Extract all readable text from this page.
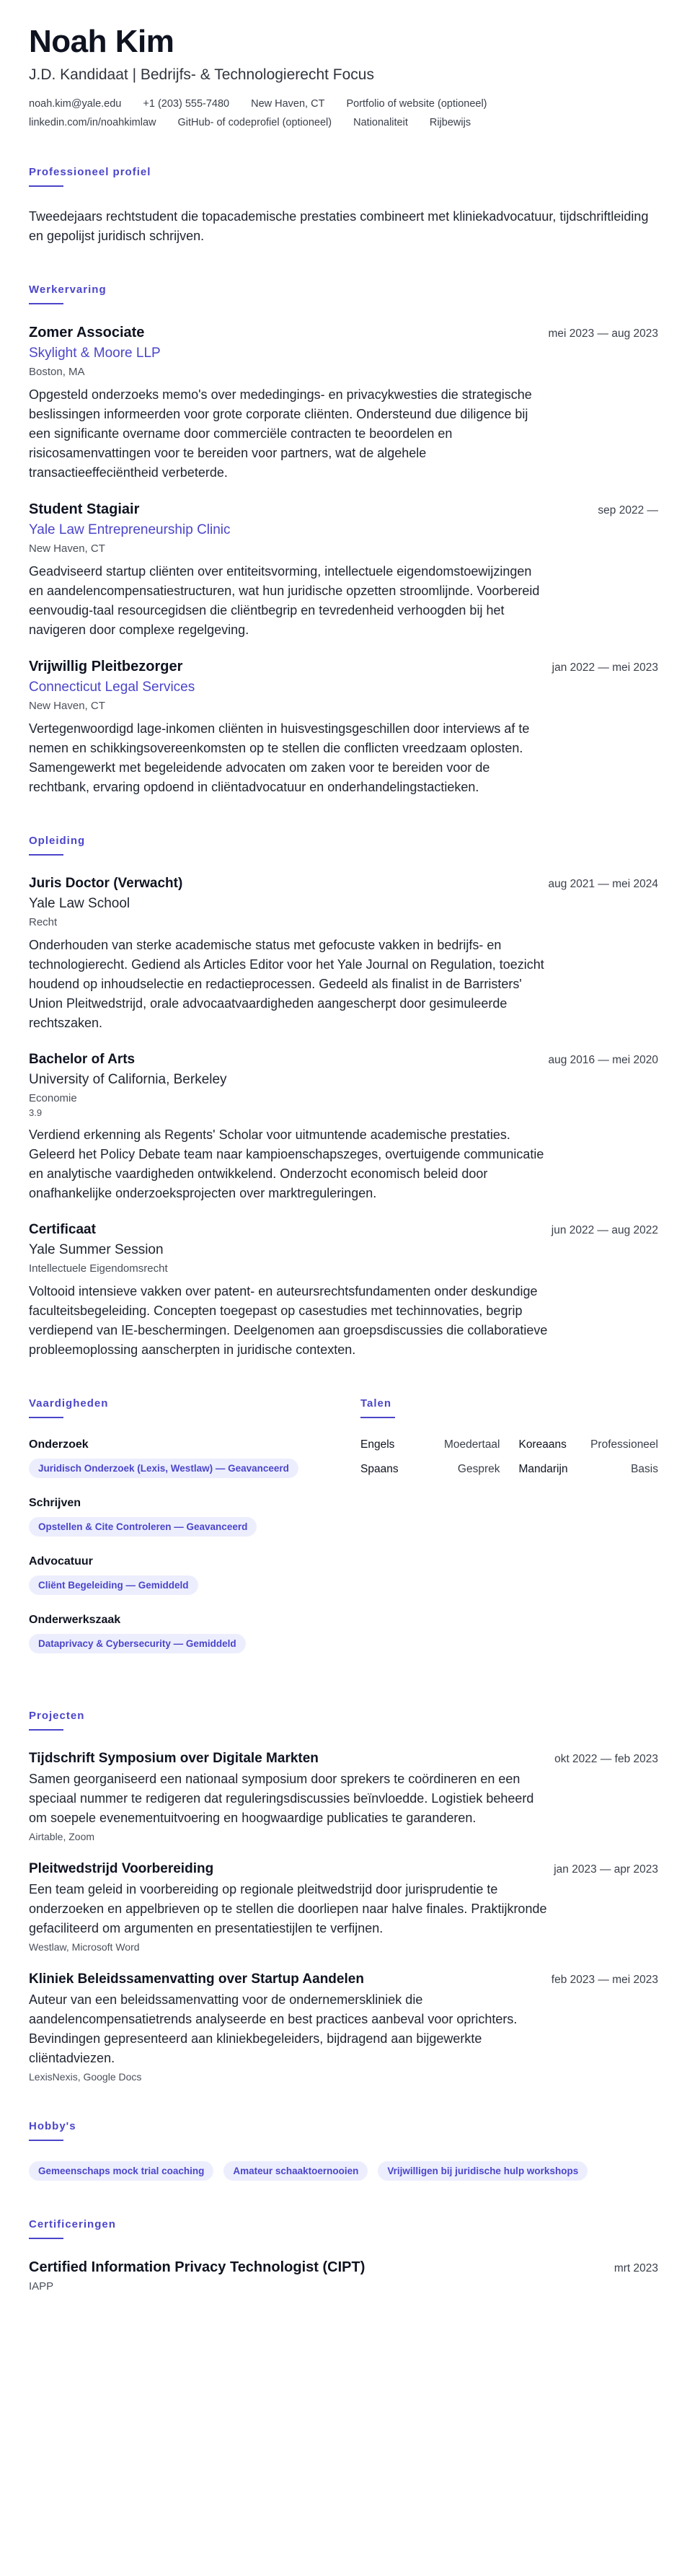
Noah Kim
J.D. Kandidaat | Bedrijfs- & Technologierecht Focus
noah.kim@yale.edu +1 (203) 555-7480 New Haven, CT Portfolio of website (optioneel)
linkedin.com/in/noahkimlaw GitHub- of codeprofiel (optioneel) Nationaliteit Rijbewijs
Professioneel profiel

Tweedejaars rechtstudent die topacademische prestaties combineert met kliniekadvocatuur, tijdschriftleiding en gepolijst juridisch schrijven.

Werkervaring
Zomer Associate	mei 2023 — aug 2023
Skylight & Moore LLP
Boston, MA

Opgesteld onderzoeks memo's over mededingings- en privacykwesties die strategische beslissingen informeerden voor grote corporate cliënten. Ondersteund due diligence bij een significante overname door commerciële contracten te beoordelen en risicosamenvattingen voor te bereiden voor partners, wat de algehele transactieeffeciëntheid verbeterde.

Student Stagiair	sep 2022 —
Yale Law Entrepreneurship Clinic
New Haven, CT

Geadviseerd startup cliënten over entiteitsvorming, intellectuele eigendomstoewijzingen en aandelencompensatiestructuren, wat hun juridische opzetten stroomlijnde. Voorbereid eenvoudig-taal resourcegidsen die cliëntbegrip en tevredenheid verhoogden bij het navigeren door complexe regelgeving.

Vrijwillig Pleitbezorger	jan 2022 — mei 2023
Connecticut Legal Services
New Haven, CT

Vertegenwoordigd lage-inkomen cliënten in huisvestingsgeschillen door interviews af te nemen en schikkingsovereenkomsten op te stellen die conflicten vreedzaam oplosten. Samengewerkt met begeleidende advocaten om zaken voor te bereiden voor de rechtbank, ervaring opdoend in cliëntadvocatuur en onderhandelingstactieken.

Opleiding
Juris Doctor (Verwacht)	aug 2021 — mei 2024
Yale Law School
Recht

Onderhouden van sterke academische status met gefocuste vakken in bedrijfs- en technologierecht. Gediend als Articles Editor voor het Yale Journal on Regulation, toezicht houdend op inhoudselectie en redactieprocessen. Gedeeld als finalist in de Barristers' Union Pleitwedstrijd, orale advocaatvaardigheden aangescherpt door gesimuleerde rechtszaken.

Bachelor of Arts	aug 2016 — mei 2020
University of California, Berkeley
Economie
3.9

Verdiend erkenning als Regents' Scholar voor uitmuntende academische prestaties. Geleerd het Policy Debate team naar kampioenschapszeges, overtuigende communicatie en analytische vaardigheden ontwikkelend. Onderzocht economisch beleid door onafhankelijke onderzoeksprojecten over marktreguleringen.

Certificaat	jun 2022 — aug 2022
Yale Summer Session
Intellectuele Eigendomsrecht

Voltooid intensieve vakken over patent- en auteursrechtsfundamenten onder deskundige faculteitsbegeleiding. Concepten toegepast op casestudies met techinnovaties, begrip verdiepend van IE-beschermingen. Deelgenomen aan groepsdiscussies die collaboratieve probleemoplossing aanscherpten in juridische contexten.

Vaardigheden
Onderzoek
Juridisch Onderzoek (Lexis, Westlaw) — Geavanceerd
Schrijven
Opstellen & Cite Controleren — Geavanceerd
Advocatuur
Cliënt Begeleiding — Gemiddeld
Onderwerkszaak
Dataprivacy & Cybersecurity — Gemiddeld
Talen
Engels	Moedertaal Koreaans Professioneel
Spaans	Gesprek Mandarijn	Basis
Projecten
Tijdschrift Symposium over Digitale Markten	okt 2022 — feb 2023

Samen georganiseerd een nationaal symposium door sprekers te coördineren en een speciaal nummer te redigeren dat reguleringsdiscussies beïnvloedde. Logistiek beheerd om soepele evenementuitvoering en hoogwaardige publicaties te garanderen.

Airtable, Zoom
Pleitwedstrijd Voorbereiding	jan 2023 — apr 2023

Een team geleid in voorbereiding op regionale pleitwedstrijd door jurisprudentie te onderzoeken en appelbrieven op te stellen die doorliepen naar halve finales. Praktijkronde gefaciliteerd om argumenten en presentatiestijlen te verfijnen.

Westlaw, Microsoft Word
Kliniek Beleidssamenvatting over Startup Aandelen	feb 2023 — mei 2023

Auteur van een beleidssamenvatting voor de ondernemerskliniek die aandelencompensatietrends analyseerde en best practices aanbeval voor oprichters. Bevindingen gepresenteerd aan kliniekbegeleiders, bijdragend aan bijgewerkte cliëntadviezen.

LexisNexis, Google Docs
Hobby's
Gemeenschaps mock trial coaching	Amateur schaaktoernooien	Vrijwilligen bij juridische hulp workshops
Certificeringen
Certified Information Privacy Technologist (CIPT)	mrt 2023
IAPP
